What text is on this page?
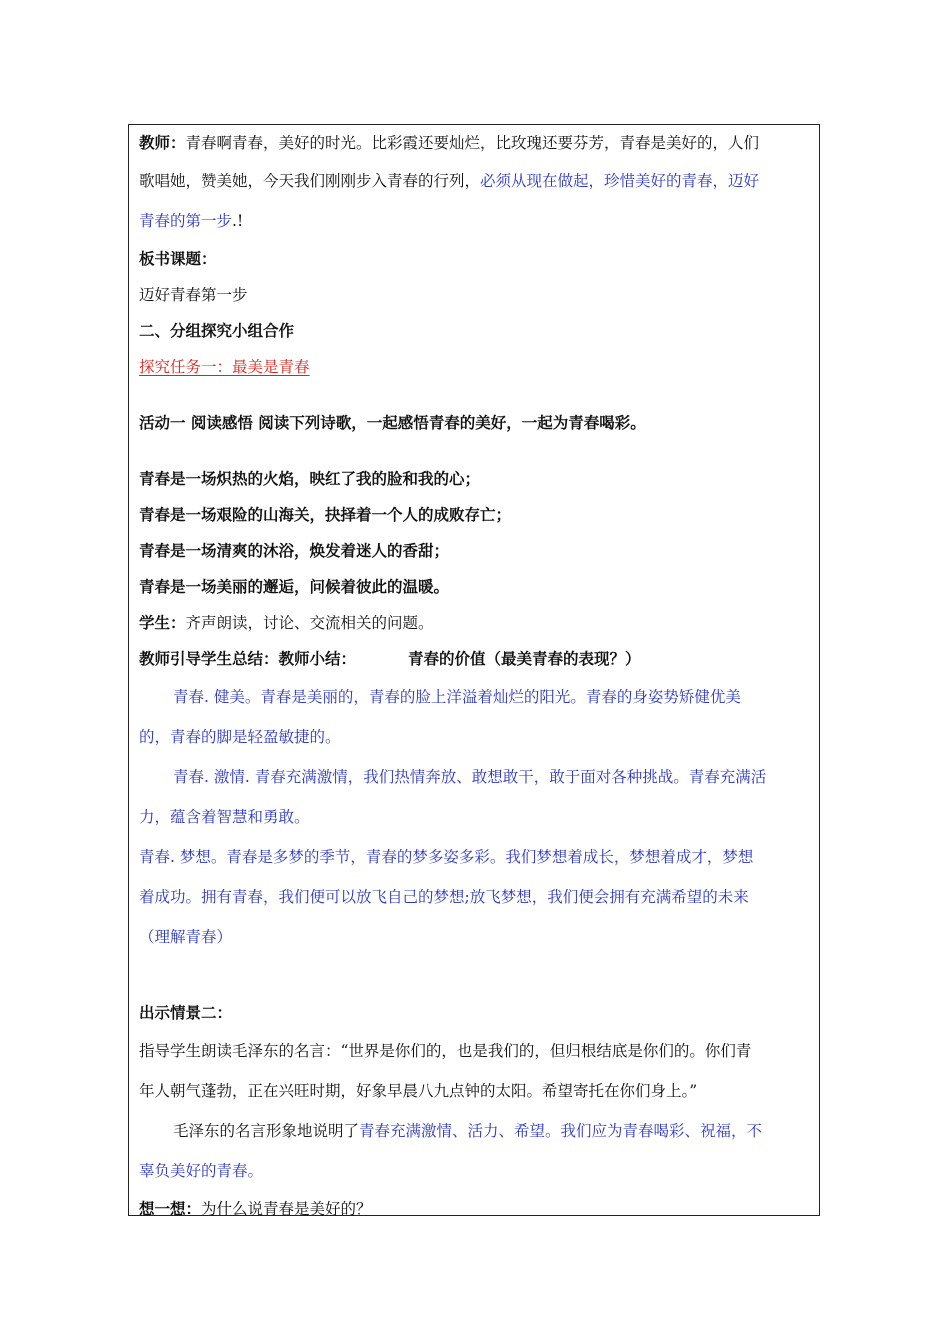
教师：青春啊青春，美好的时光。比彩霞还要灿烂，比玫瑰还要芬芳，青春是美好的，人们
歌唱她，赞美她，今天我们刚刚步入青春的行列，必须从现在做起，珍惜美好的青春，迈好
青春的第一步.!
板书课题：
迈好青春第一步
二、分组探究小组合作
探究任务一：最美是青春
活动一 阅读感悟 阅读下列诗歌，一起感悟青春的美好，一起为青春喝彩。
青春是一场炽热的火焰，映红了我的脸和我的心；
青春是一场艰险的山海关，抉择着一个人的成败存亡；
青春是一场清爽的沐浴，焕发着迷人的香甜；
青春是一场美丽的邂逅，问候着彼此的温暖。
学生：齐声朗读，讨论、交流相关的问题。
教师引导学生总结：教师小结：	青春的价值（最美青春的表现？）
青春. 健美。青春是美丽的，青春的脸上洋溢着灿烂的阳光。青春的身姿势矫健优美
的，青春的脚是轻盈敏捷的。
青春. 激情. 青春充满激情，我们热情奔放、敢想敢干，敢于面对各种挑战。青春充满活
力，蕴含着智慧和勇敢。
青春. 梦想。青春是多梦的季节，青春的梦多姿多彩。我们梦想着成长，梦想着成才，梦想
着成功。拥有青春，我们便可以放飞自己的梦想;放飞梦想，我们便会拥有充满希望的未来
（理解青春）
出示情景二：
指导学生朗读毛泽东的名言：“世界是你们的，也是我们的，但归根结底是你们的。你们青
年人朝气蓬勃，正在兴旺时期，好象早晨八九点钟的太阳。希望寄托在你们身上。”
毛泽东的名言形象地说明了青春充满激情、活力、希望。我们应为青春喝彩、祝福，不
辜负美好的青春。
想一想：为什么说青春是美好的？
